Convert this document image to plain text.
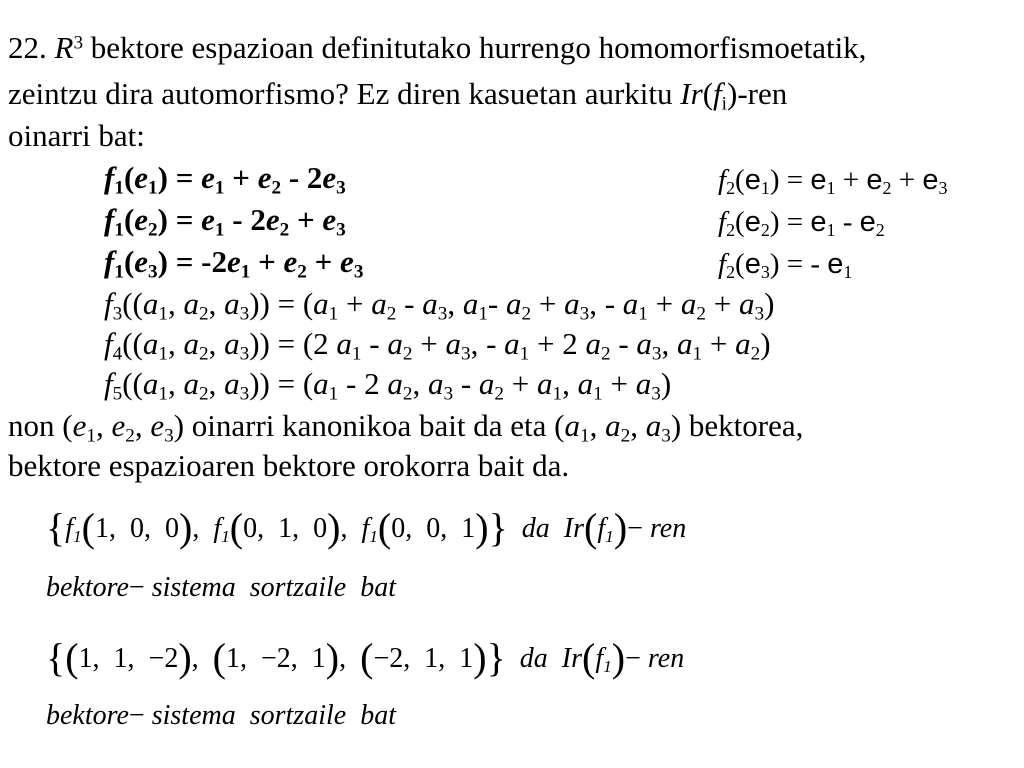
22. $R^3$ bektore espazioan definitutako hurrengo homomorfismoetatik,
zeintzu dira automorfismo? Ez diren kasuetan aurkitu $Ir(f_i)$-ren
oinarri bat:
$f_1(e_1) = e_1 + e_2 - 2e_3$
$f_1(e_2) = e_1 - 2e_2 + e_3$
$f_1(e_3) = -2e_1 + e_2 + e_3$
$f_2(e_1) = e_1 + e_2 + e_3$
$f_2(e_2) = e_1 - e_2$
$f_2(e_3)$ = - $e_1$
$f_3((a_1$, $a_2$, $a_3)) = (a_1 + a_2 - a_3$, $a_1-$ $a_2 + a_3$, - $a_1 + a_2 + a_3$)
$f_4((a_1$, $a_2$, $a_3)) = (2$ $a_1 - a_2 + a_3$, - $a_1 + 2$ $a_2 - a_3$, $a_1 + a_2$)
$f_5((a_1$, $a_2$, $a_3)) = (a_1 - 2$ $a_2$, $a_3 - a_2 + a_1$, $a_1 + a_3$)
non ($e_1$, $e_2$, $e_3$) oinarri kanonikoa bait da eta ($a_1$, $a_2$, $a_3$) bektorea,
bektore espazioaren bektore orokorra bait da.
{$f_1(1$,  0,  0),  $f_1(0$,  1,  0),  $f_1(0$,  0,  1)} da  $Ir(f_1)-$ ren
bektore− sistema sortzaile bat
{(1,  1,  −2), (1,  −2,  1), (−2,  1,  1)} da  $Ir(f_1)-$ ren
bektore− sistema sortzaile bat
